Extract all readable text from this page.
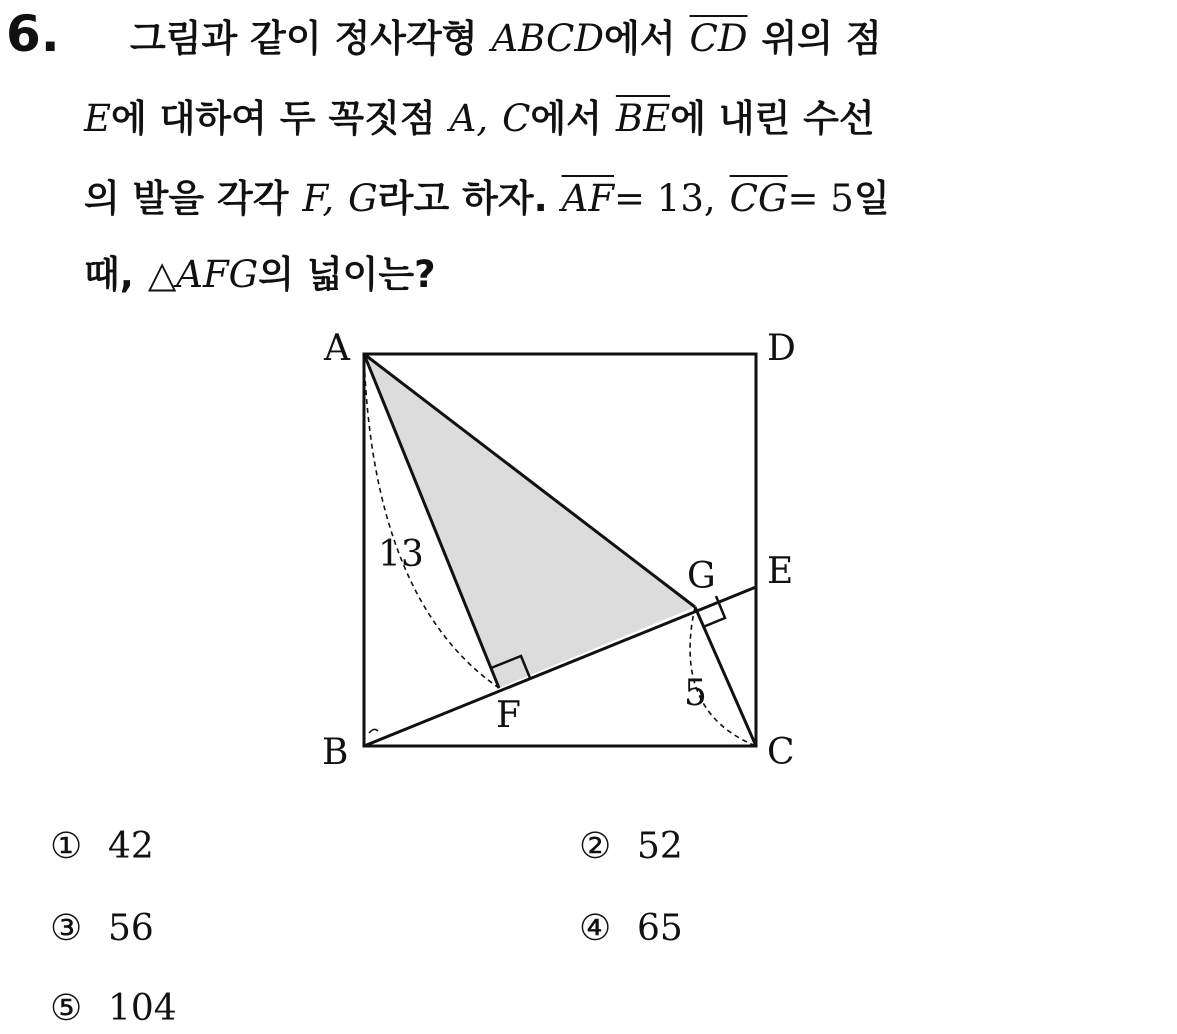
6. 그림과 같이 정사각형 ABCD에서 $\overline{CD}$ 위의 점
E에 대하여 두 꼭짓점 A, C에서 $\overline{BE}$에 내린 수선
의 발을 각각 F, G라고 하자. $\overline{AF}= 13$, $\overline{CG}= 5$일
때, △AFG의 넓이는?
A	D
B	C
E
G
F
13
5
① 42	② 52
③ 56	④ 65
⑤ 104
